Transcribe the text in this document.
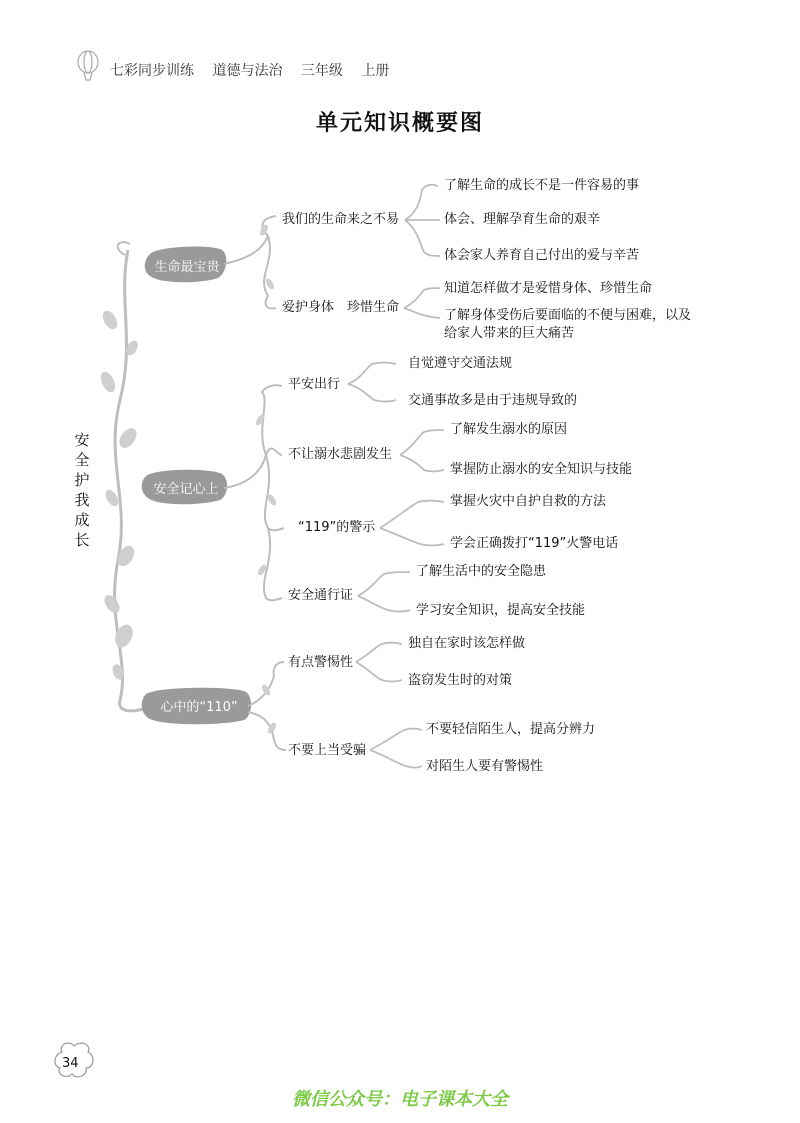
七彩同步训练 道德与法治 三年级 上册
单元知识概要图
安全护我成长
生命最宝贵
安全记心上
心中的“110”
我们的生命来之不易
了解生命的成长不是一件容易的事
体会、理解孕育生命的艰辛
体会家人养育自己付出的爱与辛苦
爱护身体　珍惜生命
知道怎样做才是爱惜身体、珍惜生命
了解身体受伤后要面临的不便与困难，以及
给家人带来的巨大痛苦
平安出行
自觉遵守交通法规
交通事故多是由于违规导致的
不让溺水悲剧发生
了解发生溺水的原因
掌握防止溺水的安全知识与技能
“119”的警示
掌握火灾中自护自救的方法
学会正确拨打“119”火警电话
安全通行证
了解生活中的安全隐患
学习安全知识，提高安全技能
有点警惕性
独自在家时该怎样做
盗窃发生时的对策
不要上当受骗
不要轻信陌生人，提高分辨力
对陌生人要有警惕性
34
微信公众号：电子课本大全
